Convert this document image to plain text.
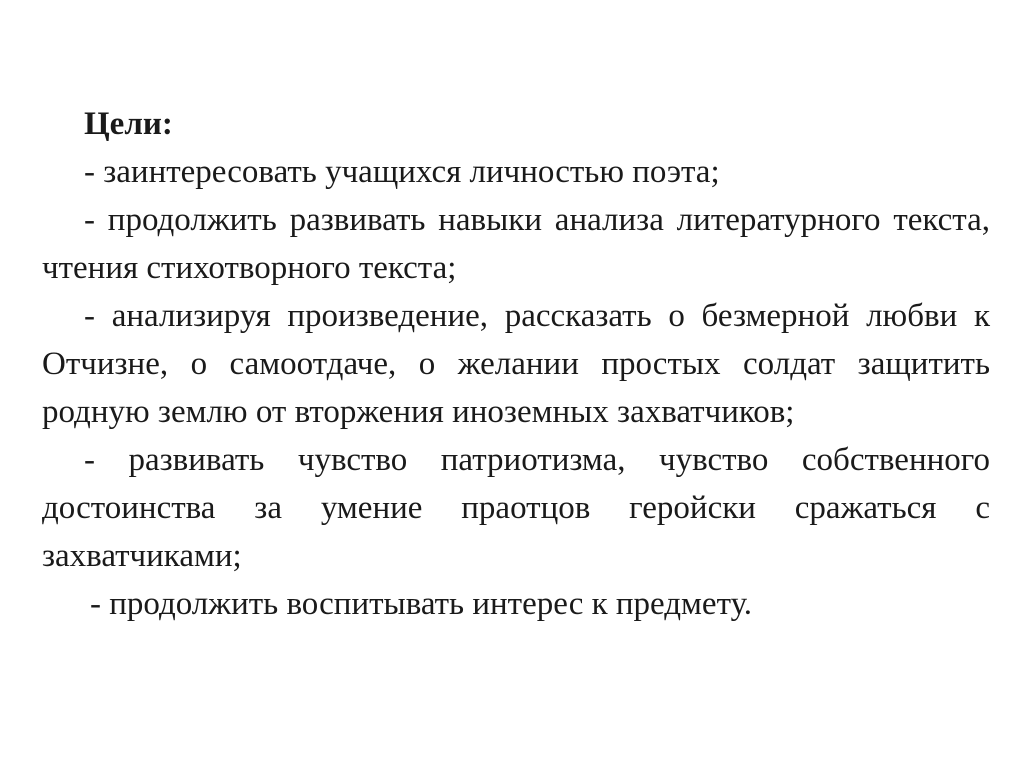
Цели:

- заинтересовать учащихся личностью поэта;

- продолжить развивать навыки анализа литературного текста, чтения стихотворного текста;

- анализируя произведение, рассказать о безмерной любви к Отчизне, о самоотдаче, о желании простых солдат защитить родную землю от вторжения иноземных захватчиков;

- развивать чувство патриотизма, чувство собственного достоинства за умение праотцов геройски сражаться с захватчиками;

- продолжить воспитывать интерес к предмету.
